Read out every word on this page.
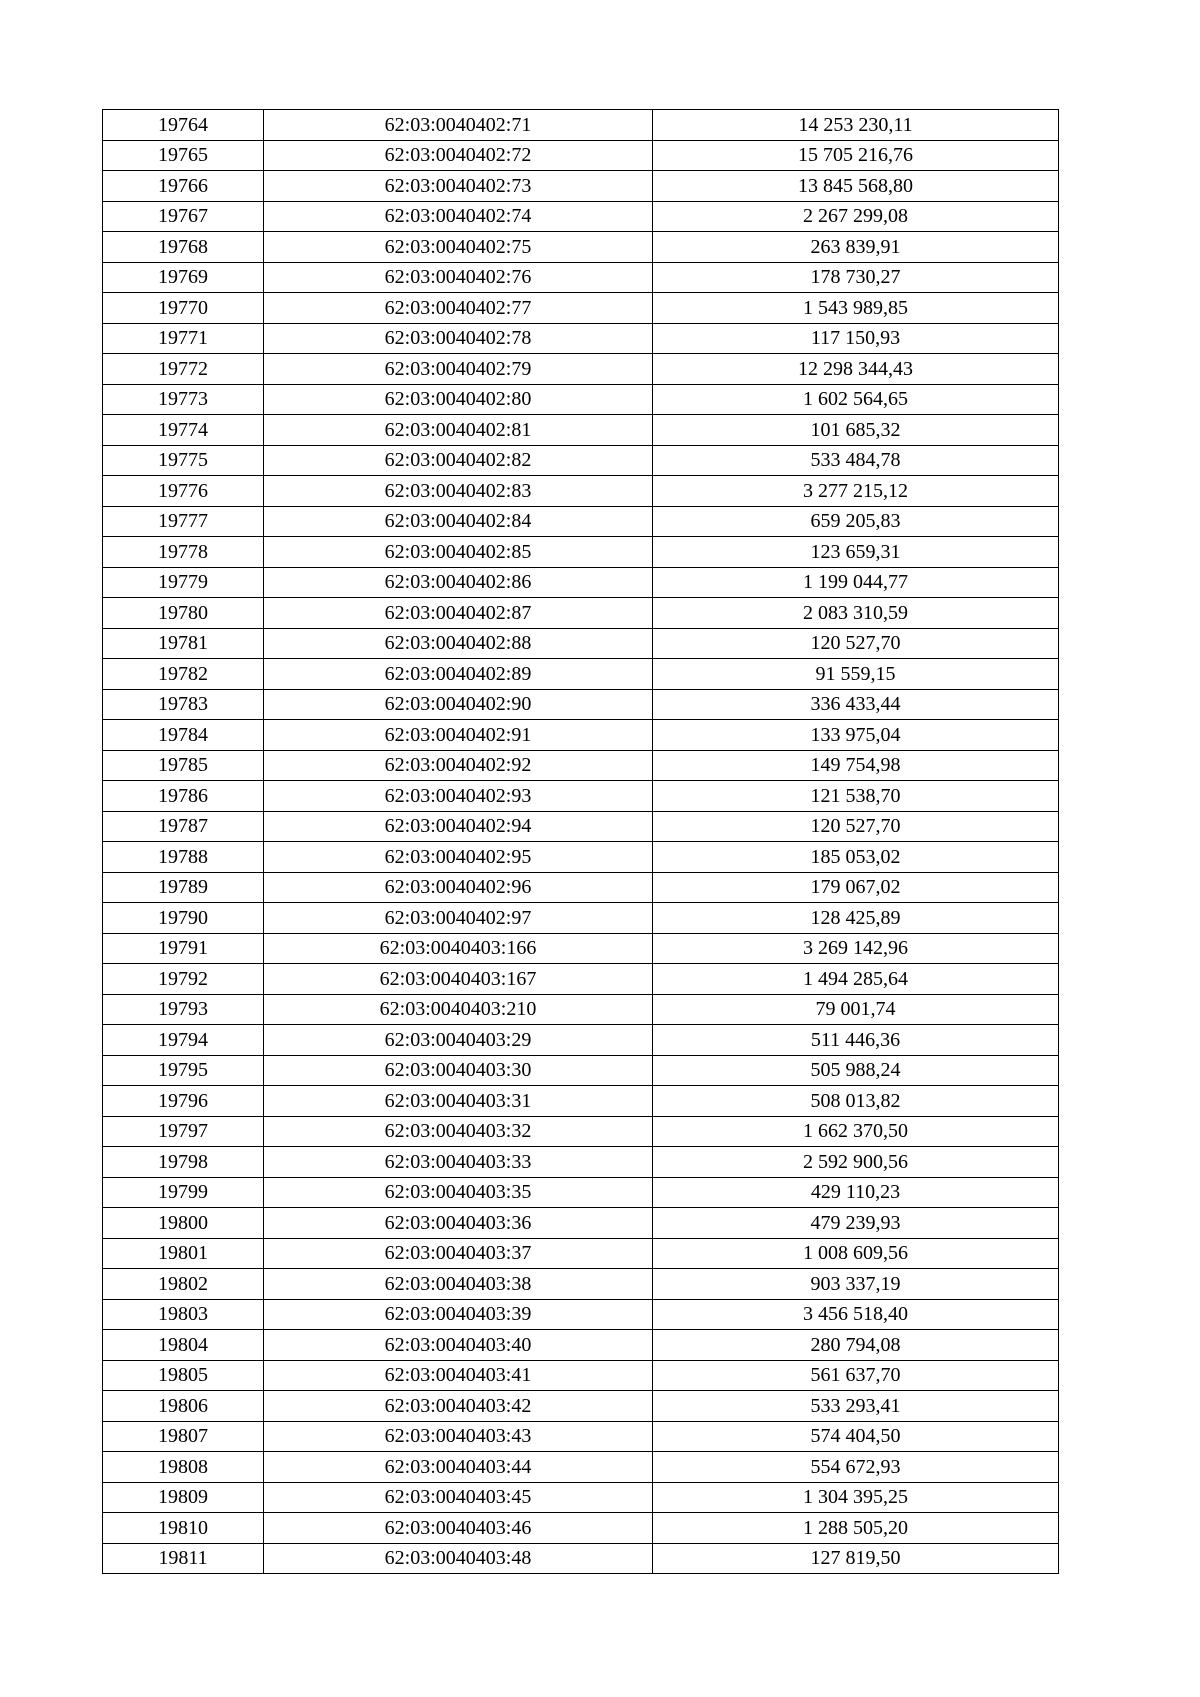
19764	62:03:0040402:71	14 253 230,11
19765	62:03:0040402:72	15 705 216,76
19766	62:03:0040402:73	13 845 568,80
19767	62:03:0040402:74	2 267 299,08
19768	62:03:0040402:75	263 839,91
19769	62:03:0040402:76	178 730,27
19770	62:03:0040402:77	1 543 989,85
19771	62:03:0040402:78	117 150,93
19772	62:03:0040402:79	12 298 344,43
19773	62:03:0040402:80	1 602 564,65
19774	62:03:0040402:81	101 685,32
19775	62:03:0040402:82	533 484,78
19776	62:03:0040402:83	3 277 215,12
19777	62:03:0040402:84	659 205,83
19778	62:03:0040402:85	123 659,31
19779	62:03:0040402:86	1 199 044,77
19780	62:03:0040402:87	2 083 310,59
19781	62:03:0040402:88	120 527,70
19782	62:03:0040402:89	91 559,15
19783	62:03:0040402:90	336 433,44
19784	62:03:0040402:91	133 975,04
19785	62:03:0040402:92	149 754,98
19786	62:03:0040402:93	121 538,70
19787	62:03:0040402:94	120 527,70
19788	62:03:0040402:95	185 053,02
19789	62:03:0040402:96	179 067,02
19790	62:03:0040402:97	128 425,89
19791	62:03:0040403:166	3 269 142,96
19792	62:03:0040403:167	1 494 285,64
19793	62:03:0040403:210	79 001,74
19794	62:03:0040403:29	511 446,36
19795	62:03:0040403:30	505 988,24
19796	62:03:0040403:31	508 013,82
19797	62:03:0040403:32	1 662 370,50
19798	62:03:0040403:33	2 592 900,56
19799	62:03:0040403:35	429 110,23
19800	62:03:0040403:36	479 239,93
19801	62:03:0040403:37	1 008 609,56
19802	62:03:0040403:38	903 337,19
19803	62:03:0040403:39	3 456 518,40
19804	62:03:0040403:40	280 794,08
19805	62:03:0040403:41	561 637,70
19806	62:03:0040403:42	533 293,41
19807	62:03:0040403:43	574 404,50
19808	62:03:0040403:44	554 672,93
19809	62:03:0040403:45	1 304 395,25
19810	62:03:0040403:46	1 288 505,20
19811	62:03:0040403:48	127 819,50
